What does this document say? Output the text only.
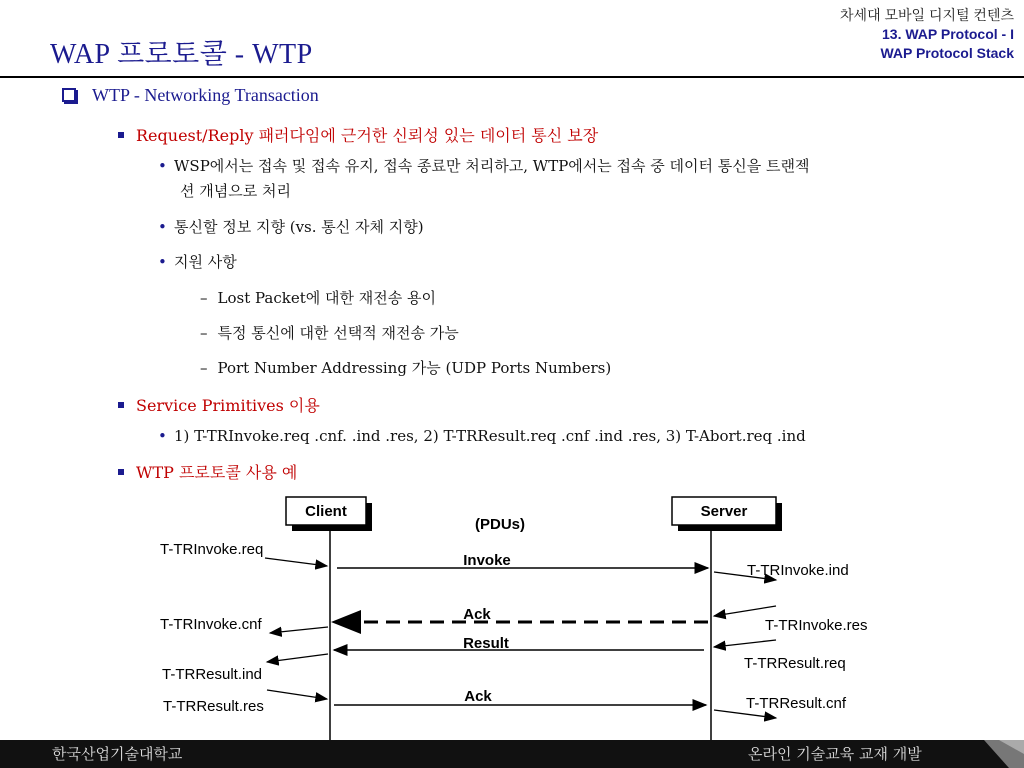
WAP 프로토콜 - WTP
차세대 모바일 디지털 컨텐츠
13. WAP Protocol - I
WAP Protocol Stack
WTP - Networking Transaction
Request/Reply 패러다임에 근거한 신뢰성 있는 데이터 통신 보장
• WSP에서는 접속 및 접속 유지, 접속 종료만 처리하고, WTP에서는 접속 중 데이터 통신을 트랜젝
션 개념으로 처리
• 통신할 정보 지향 (vs. 통신 자체 지향)
• 지원 사항
– Lost Packet에 대한 재전송 용이
– 특정 통신에 대한 선택적 재전송 가능
– Port Number Addressing 가능 (UDP Ports Numbers)
Service Primitives 이용
• 1) T-TRInvoke.req .cnf. .ind .res, 2) T-TRResult.req .cnf .ind .res, 3) T-Abort.req .ind
WTP 프로토콜 사용 예
Client	Server
(PDUs)
Invoke
Ack
Result
Ack
T-TRInvoke.req
T-TRInvoke.cnf
T-TRResult.ind
T-TRResult.res
T-TRInvoke.ind
T-TRInvoke.res
T-TRResult.req
T-TRResult.cnf
한국산업기술대학교	온라인 기술교육 교재 개발
